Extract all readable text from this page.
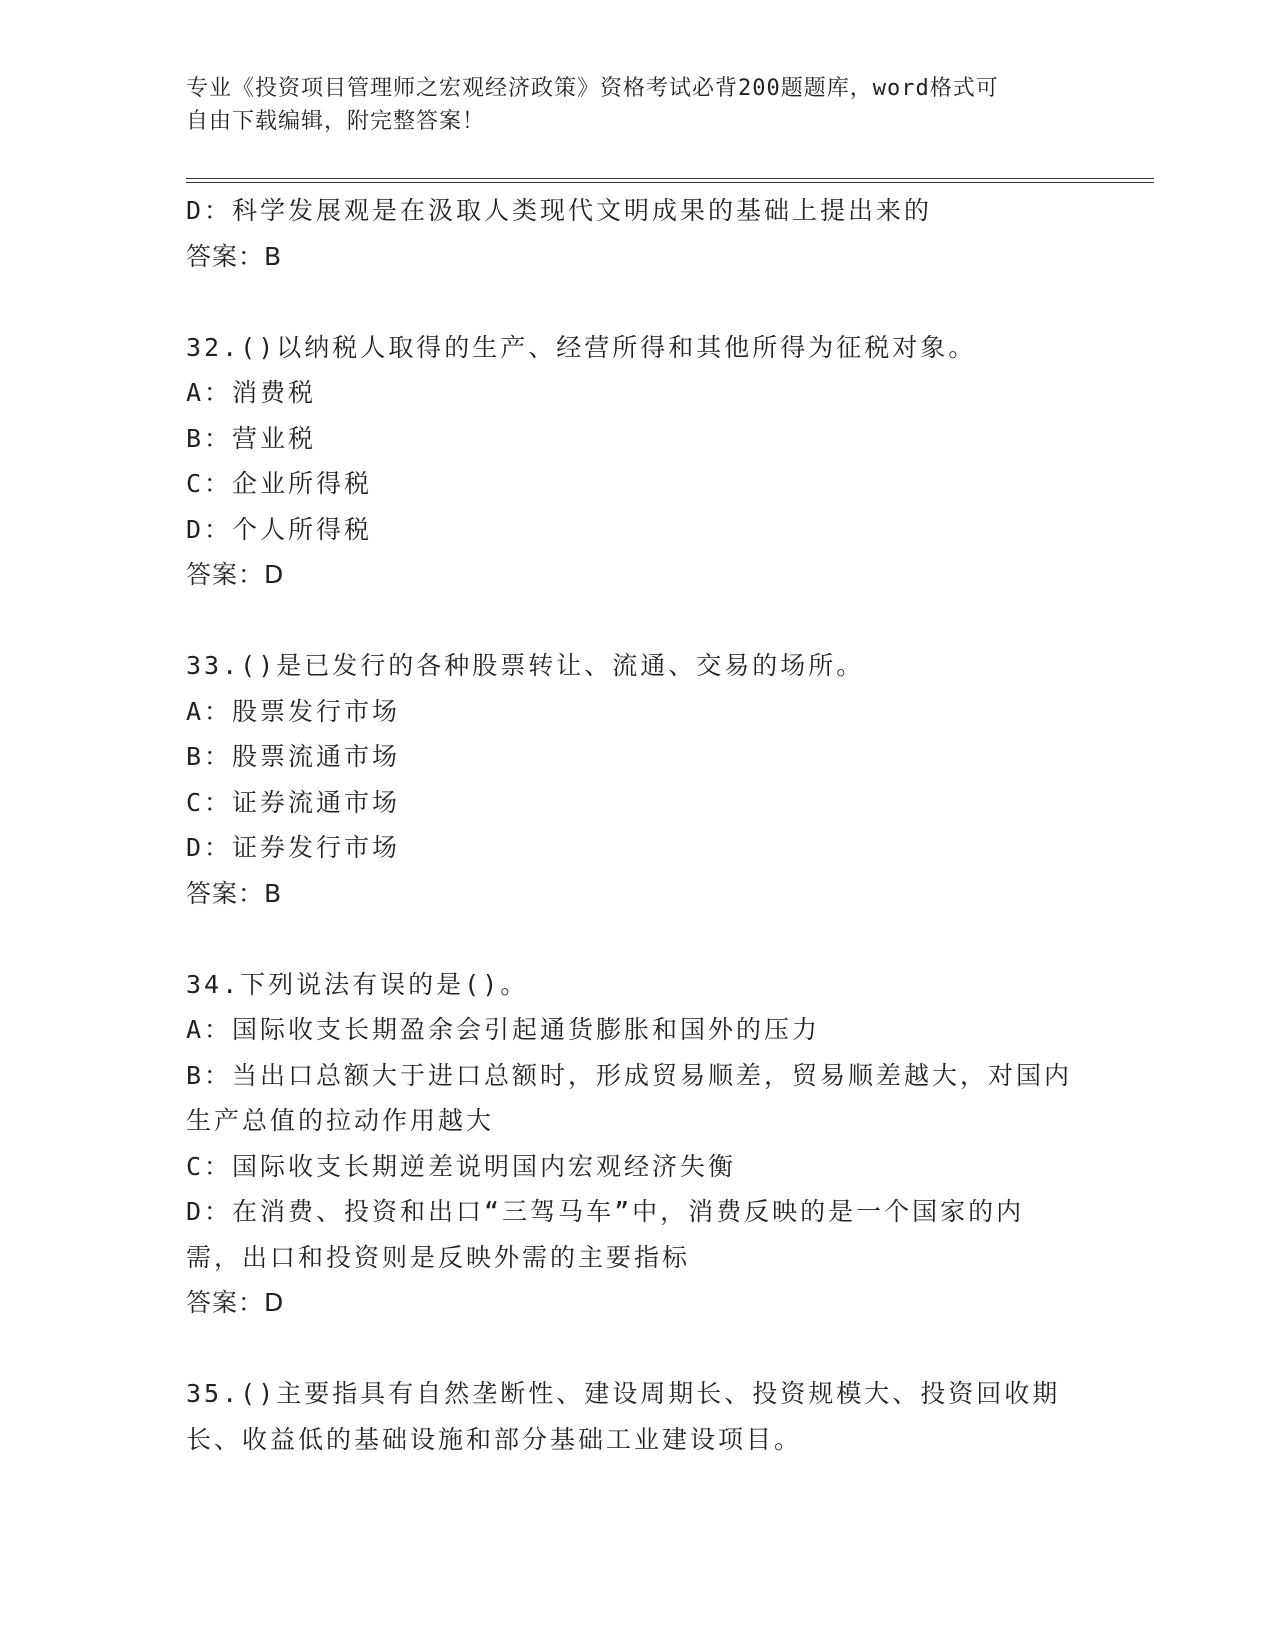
专业《投资项目管理师之宏观经济政策》资格考试必背200题题库，word格式可
自由下载编辑，附完整答案！

D：科学发展观是在汲取人类现代文明成果的基础上提出来的

答案：B

32.()以纳税人取得的生产、经营所得和其他所得为征税对象。

A：消费税

B：营业税

C：企业所得税

D：个人所得税

答案：D

33.()是已发行的各种股票转让、流通、交易的场所。

A：股票发行市场

B：股票流通市场

C：证券流通市场

D：证券发行市场

答案：B

34.下列说法有误的是()。

A：国际收支长期盈余会引起通货膨胀和国外的压力

B：当出口总额大于进口总额时，形成贸易顺差，贸易顺差越大，对国内生产总值的拉动作用越大

C：国际收支长期逆差说明国内宏观经济失衡

D：在消费、投资和出口“三驾马车”中，消费反映的是一个国家的内需，出口和投资则是反映外需的主要指标

答案：D

35.()主要指具有自然垄断性、建设周期长、投资规模大、投资回收期长、收益低的基础设施和部分基础工业建设项目。
